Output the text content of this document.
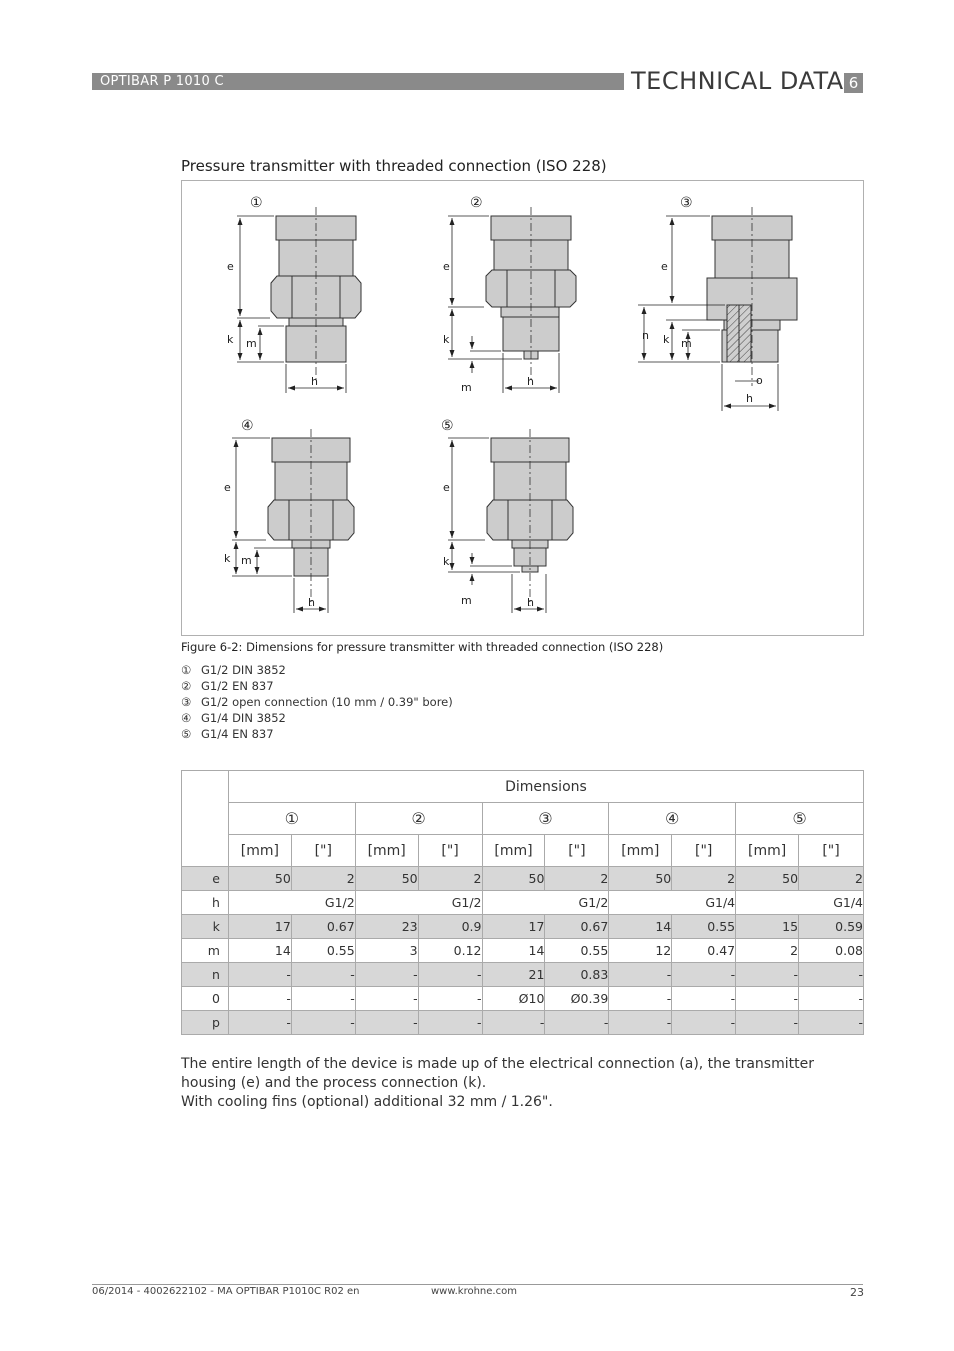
OPTIBAR P 1010 C	TECHNICAL DATA 6
Pressure transmitter with threaded connection (ISO 228)
①	②	③
④	⑤
e
k m
h
e
k
m	h
e
n k m
h
o
e
k m
h
e
k
m	h
Figure 6-2: Dimensions for pressure transmitter with threaded connection (ISO 228)
① G1/2 DIN 3852
② G1/2 EN 837
③ G1/2 open connection (10 mm / 0.39" bore)
④ G1/4 DIN 3852
⑤ G1/4 EN 837
	Dimensions									
	①		②		③		④		⑤	
	[mm]	["]	[mm]	["]	[mm]	["]	[mm]	["]	[mm]	["]
e	50	2	50	2	50	2	50	2	50	2
h	G1/2		G1/2		G1/2		G1/4		G1/4	
k	17	0.67	23	0.9	17	0.67	14	0.55	15	0.59
m	14	0.55	3	0.12	14	0.55	12	0.47	2	0.08
n	-	-	-	-	21	0.83	-	-	-	-
0	-	-	-	-	Ø10	Ø0.39	-	-	-	-
p	-	-	-	-	-	-	-	-	-	-
The entire length of the device is made up of the electrical connection (a), the transmitter housing (e) and the process connection (k).
With cooling fins (optional) additional 32 mm / 1.26".
06/2014 - 4002622102 - MA OPTIBAR P1010C R02 en	www.krohne.com	23
